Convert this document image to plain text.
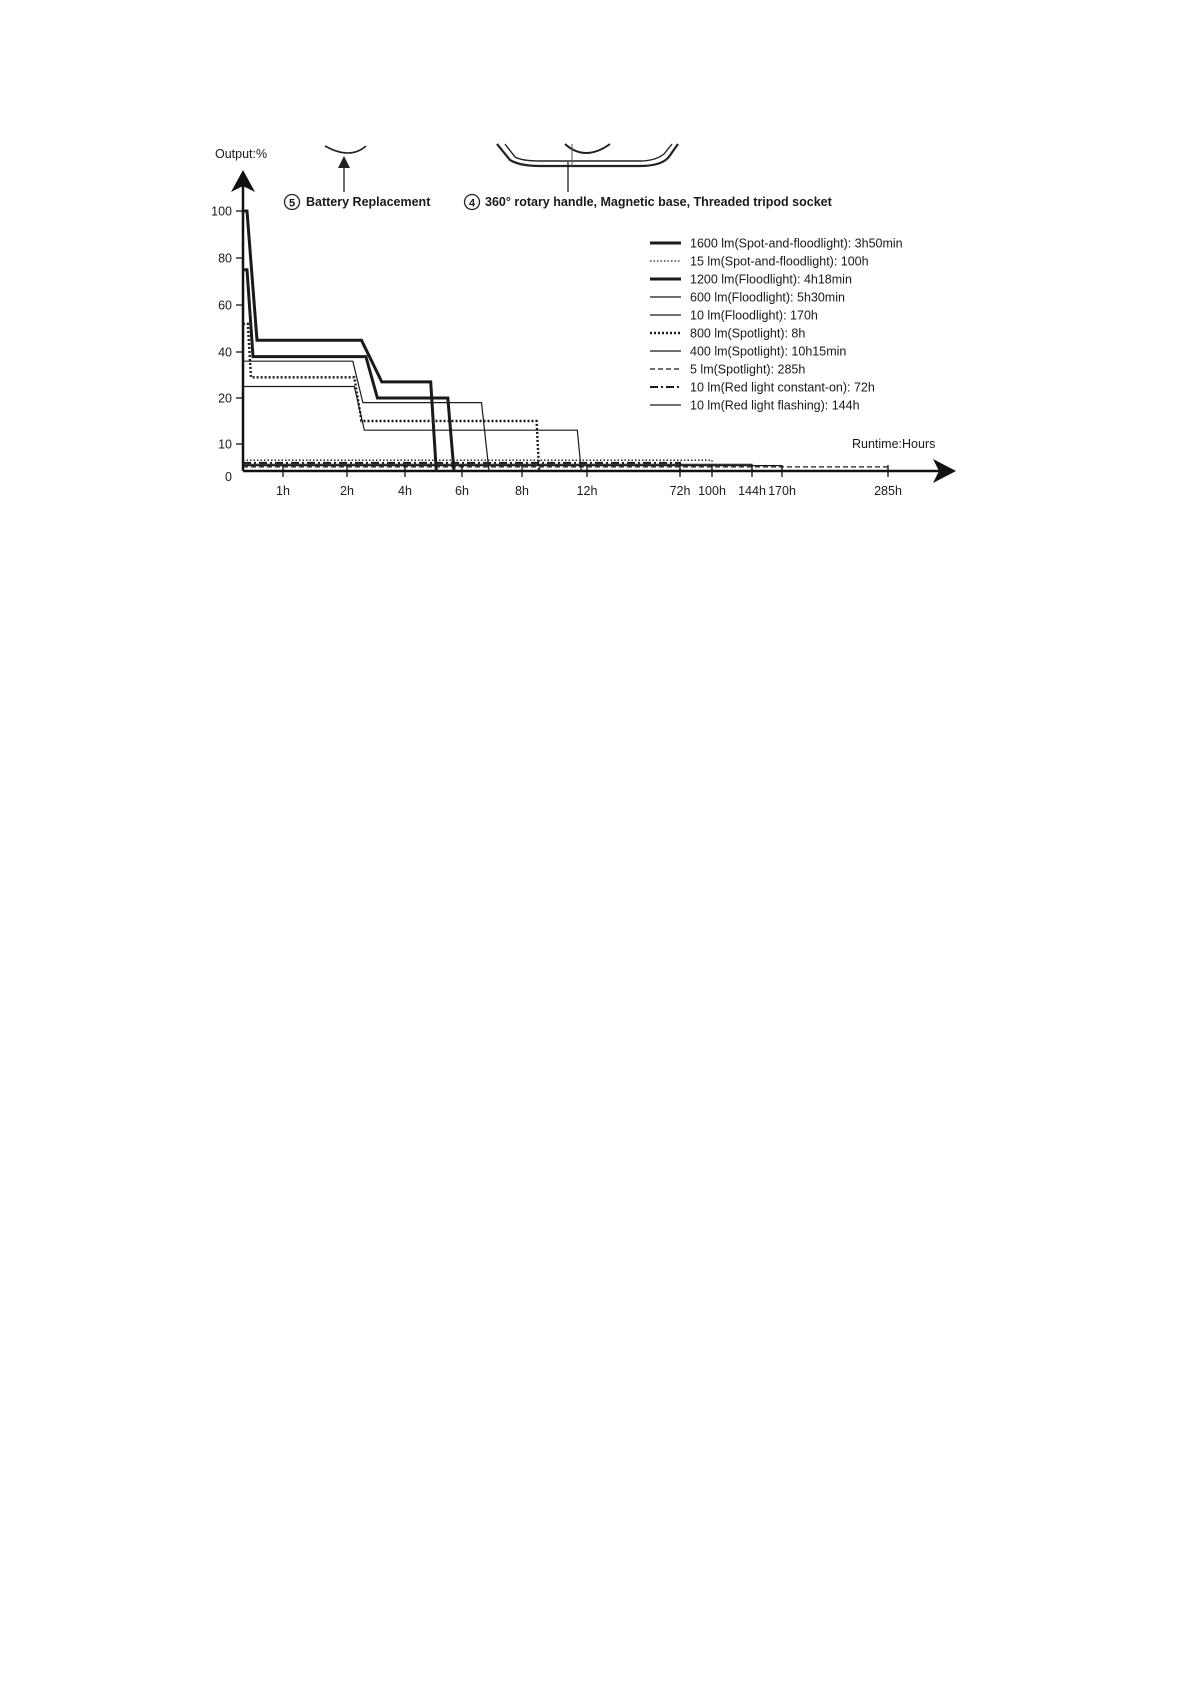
5 Battery Replacement	4 360° rotary handle, Magnetic base, Threaded tripod socket
Output:%
Runtime:Hours
0
10
20
40
60
80
100
1h	2h	4h	6h	8h	12h	72h 100h 144h 170h	285h
1600 lm(Spot-and-floodlight): 3h50min
15 lm(Spot-and-floodlight): 100h
1200 lm(Floodlight): 4h18min
600 lm(Floodlight): 5h30min
10 lm(Floodlight): 170h
800 lm(Spotlight): 8h
400 lm(Spotlight): 10h15min
5 lm(Spotlight): 285h
10 lm(Red light constant-on): 72h
10 lm(Red light flashing): 144h
